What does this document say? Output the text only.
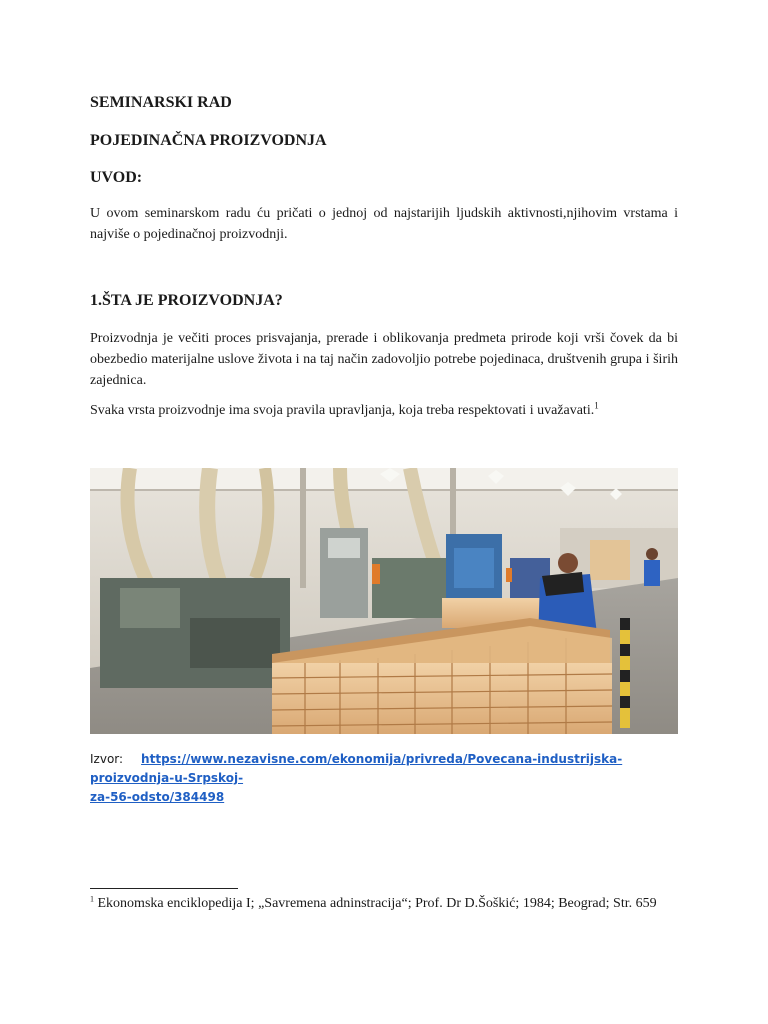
SEMINARSKI RAD
POJEDINAČNA PROIZVODNJA
UVOD:

U ovom seminarskom radu ću pričati o jednoj od najstarijih ljudskih aktivnosti,njihovim vrstama i najviše o pojedinačnoj proizvodnji.

1.ŠTA JE PROIZVODNJA?

Proizvodnja je večiti proces prisvajanja, prerade i oblikovanja predmeta prirode koji vrši čovek da bi obezbedio materijalne uslove života i na taj način zadovoljio potrebe pojedinaca, društvenih grupa i širih zajednica.

Svaka vrsta proizvodnje ima svoja pravila upravljanja, koja treba respektovati i uvažavati.$^1$

Izvor: https://www.nezavisne.com/ekonomija/privreda/Povecana-industrijska-proizvodnja-u-Srpskoj-
za-56-odsto/384498
$^1$ Ekonomska enciklopedija I; „Savremena adninstracija“; Prof. Dr D.Šoškić; 1984; Beograd; Str. 659
